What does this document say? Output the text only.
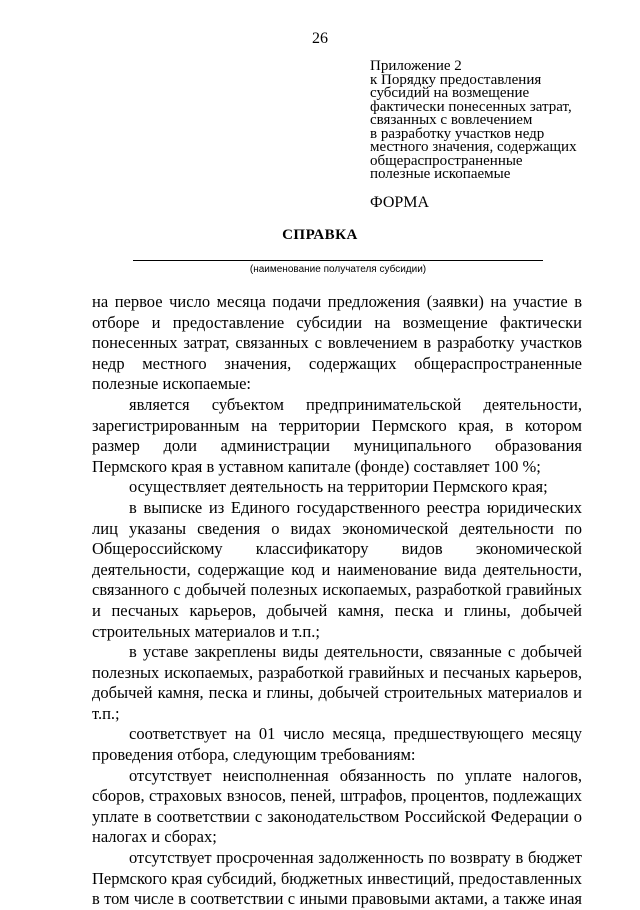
26
Приложение 2
к Порядку предоставления
субсидий на возмещение
фактически понесенных затрат,
связанных с вовлечением
в разработку участков недр
местного значения, содержащих
общераспространенные
полезные ископаемые
ФОРМА
СПРАВКА
(наименование получателя субсидии)

на первое число месяца подачи предложения (заявки) на участие в отборе и предоставление субсидии на возмещение фактически понесенных затрат, связанных с вовлечением в разработку участков недр местного значения, содержащих общераспространенные полезные ископаемые:

является субъектом предпринимательской деятельности, зарегистрированным на территории Пермского края, в котором размер доли администрации муниципального образования Пермского края в уставном капитале (фонде) составляет 100 %;

осуществляет деятельность на территории Пермского края;

в выписке из Единого государственного реестра юридических лиц указаны сведения о видах экономической деятельности по Общероссийскому классификатору видов экономической деятельности, содержащие код и наименование вида деятельности, связанного с добычей полезных ископаемых, разработкой гравийных и песчаных карьеров, добычей камня, песка и глины, добычей строительных материалов и т.п.;

в уставе закреплены виды деятельности, связанные с добычей полезных ископаемых, разработкой гравийных и песчаных карьеров, добычей камня, песка и глины, добычей строительных материалов и т.п.;

соответствует на 01 число месяца, предшествующего месяцу проведения отбора, следующим требованиям:

отсутствует неисполненная обязанность по уплате налогов, сборов, страховых взносов, пеней, штрафов, процентов, подлежащих уплате в соответствии с законодательством Российской Федерации о налогах и сборах;

отсутствует просроченная задолженность по возврату в бюджет Пермского края субсидий, бюджетных инвестиций, предоставленных в том числе в соответствии с иными правовыми актами, а также иная
